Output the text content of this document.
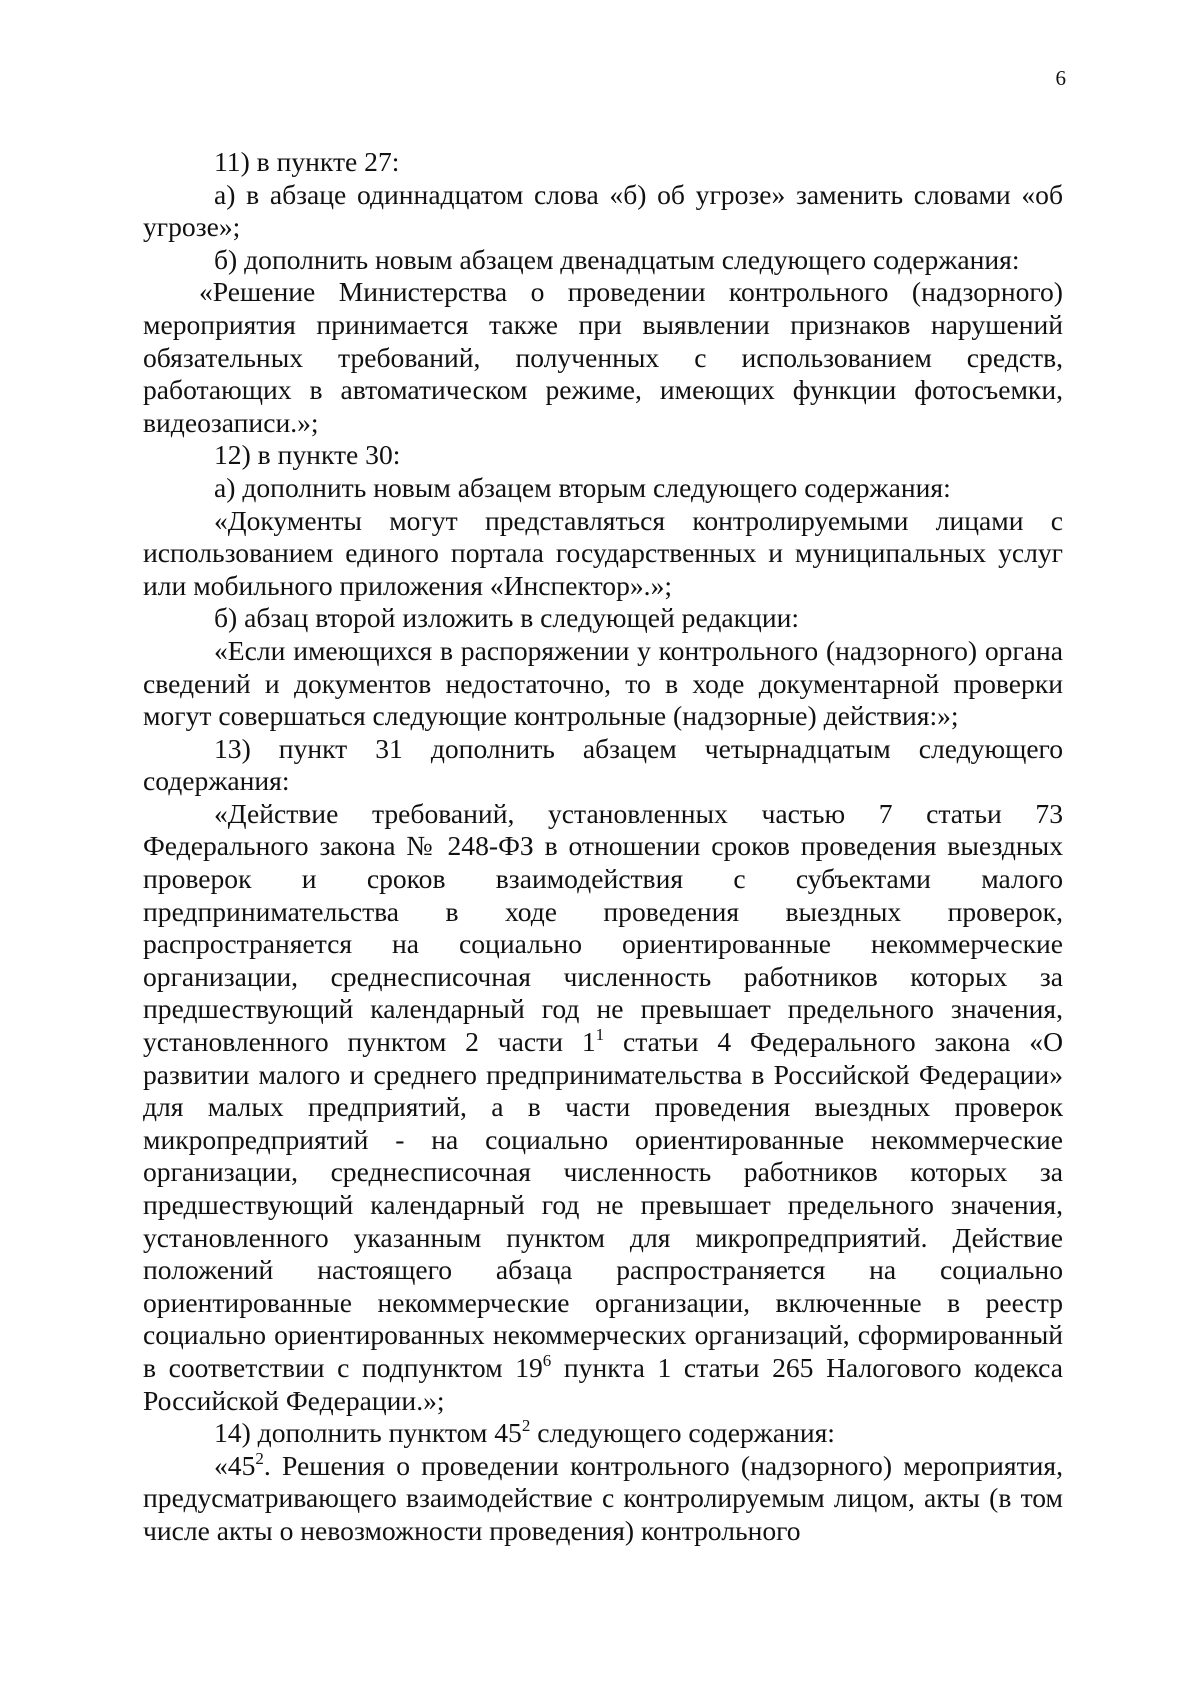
6

11) в пункте 27:

а) в абзаце одиннадцатом слова «б) об угрозе» заменить словами «об угрозе»;

б) дополнить новым абзацем двенадцатым следующего содержания:

«Решение Министерства о проведении контрольного (надзорного) мероприятия принимается также при выявлении признаков нарушений обязательных требований, полученных с использованием средств, работающих в автоматическом режиме, имеющих функции фотосъемки, видеозаписи.»;

12) в пункте 30:

а) дополнить новым абзацем вторым следующего содержания:

«Документы могут представляться контролируемыми лицами с использованием единого портала государственных и муниципальных услуг или мобильного приложения «Инспектор».»;

б) абзац второй изложить в следующей редакции:

«Если имеющихся в распоряжении у контрольного (надзорного) органа сведений и документов недостаточно, то в ходе документарной проверки могут совершаться следующие контрольные (надзорные) действия:»;

13) пункт 31 дополнить абзацем четырнадцатым следующего содержания:

«Действие требований, установленных частью 7 статьи 73 Федерального закона № 248-ФЗ в отношении сроков проведения выездных проверок и сроков взаимодействия с субъектами малого предпринимательства в ходе проведения выездных проверок, распространяется на социально ориентированные некоммерческие организации, среднесписочная численность работников которых за предшествующий календарный год не превышает предельного значения, установленного пунктом 2 части $1^1$ статьи 4 Федерального закона «О развитии малого и среднего предпринимательства в Российской Федерации» для малых предприятий, а в части проведения выездных проверок микропредприятий - на социально ориентированные некоммерческие организации, среднесписочная численность работников которых за предшествующий календарный год не превышает предельного значения, установленного указанным пунктом для микропредприятий. Действие положений настоящего абзаца распространяется на социально ориентированные некоммерческие организации, включенные в реестр социально ориентированных некоммерческих организаций, сформированный в соответствии с подпунктом $19^6$ пункта 1 статьи 265 Налогового кодекса Российской Федерации.»;

14) дополнить пунктом $45^2$ следующего содержания:

«$45^2$. Решения о проведении контрольного (надзорного) мероприятия, предусматривающего взаимодействие с контролируемым лицом, акты (в том числе акты о невозможности проведения) контрольного
